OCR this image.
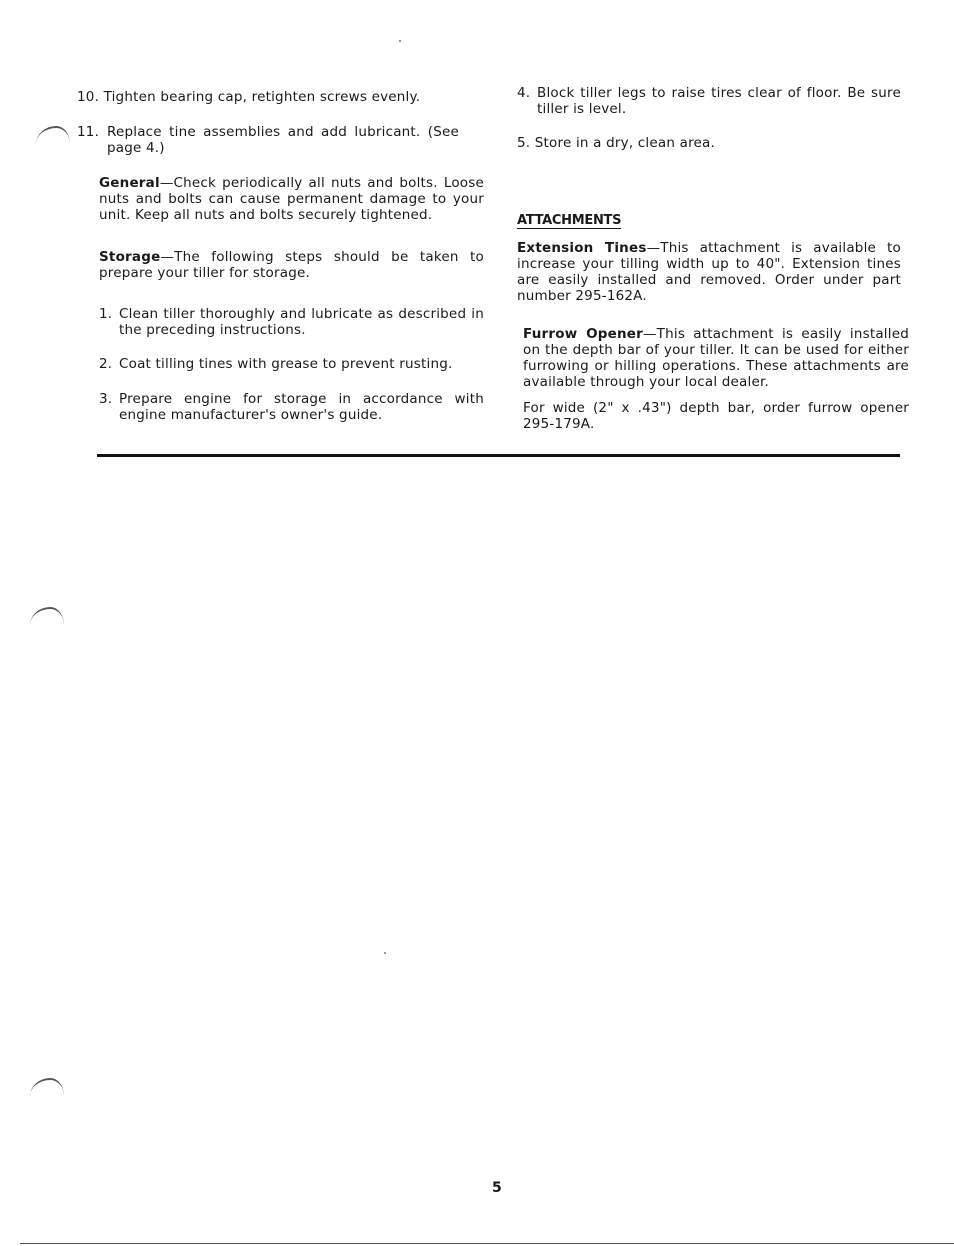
10. Tighten bearing cap, retighten screws evenly.
11. Replace tine assemblies and add lubricant. (See page 4.)
General—Check periodically all nuts and bolts. Loose nuts and bolts can cause permanent damage to your unit. Keep all nuts and bolts securely tightened.
Storage—The following steps should be taken to prepare your tiller for storage.
1. Clean tiller thoroughly and lubricate as described in the preceding instructions.
2. Coat tilling tines with grease to prevent rusting.
3. Prepare engine for storage in accordance with engine manufacturer's owner's guide.
4. Block tiller legs to raise tires clear of floor. Be sure tiller is level.
5. Store in a dry, clean area.
ATTACHMENTS
Extension Tines—This attachment is available to increase your tilling width up to 40". Extension tines are easily installed and removed. Order under part number 295-162A.
Furrow Opener—This attachment is easily installed on the depth bar of your tiller. It can be used for either furrowing or hilling operations. These attachments are available through your local dealer.
For wide (2" x .43") depth bar, order furrow opener 295-179A.
5
